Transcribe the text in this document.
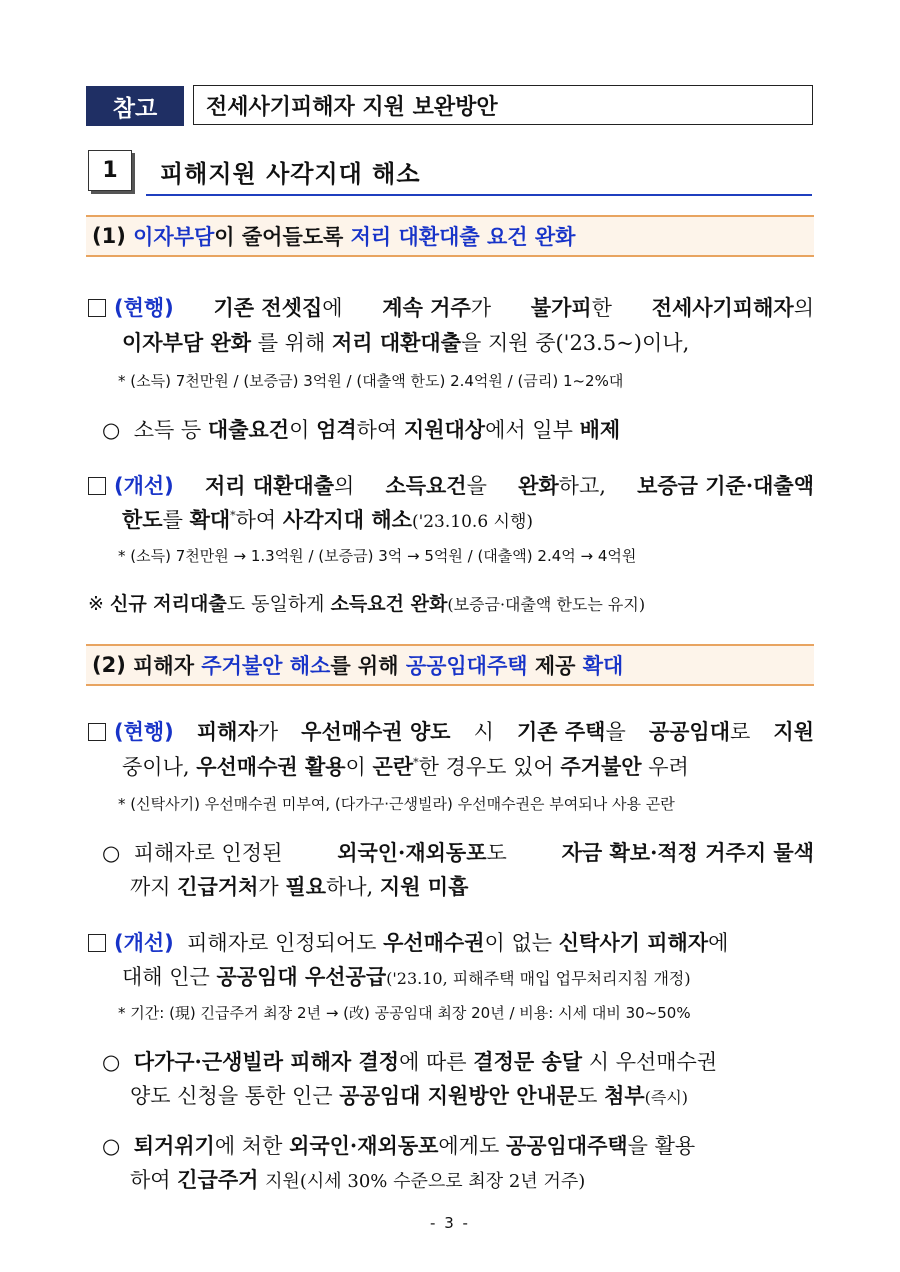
참고	전세사기피해자 지원 보완방안
1	피해지원 사각지대 해소
(1)
이자부담 이 줄어들도록
저리 대환대출 요건 완화
(현행) 기존 전셋집에 계속 거주가 불가피한 전세사기피해자의
이자부담 완화 를 위해 저리 대환대출을 지원 중('23.5~)이나,
* (소득) 7천만원 / (보증금) 3억원 / (대출액 한도) 2.4억원 / (금리) 1~2%대
○  소득 등 대출요건이 엄격하여 지원대상에서 일부 배제
(개선) 저리 대환대출의 소득요건을 완화하고, 보증금 기준·대출액
한도를 확대*하여 사각지대 해소('23.10.6 시행)
* (소득) 7천만원 → 1.3억원 / (보증금) 3억 → 5억원 / (대출액) 2.4억 → 4억원
※ 신규 저리대출도 동일하게 소득요건 완화(보증금·대출액 한도는 유지)
(2)
피해자
주거불안 해소 를 위해
공공임대주택
제공
확대
(현행) 피해자가 우선매수권 양도 시 기존 주택을 공공임대로 지원
중이나, 우선매수권 활용이 곤란*한 경우도 있어 주거불안 우려
* (신탁사기) 우선매수권 미부여, (다가구·근생빌라) 우선매수권은 부여되나 사용 곤란
○  피해자로 인정된	외국인·재외동포도	자금 확보·적정 거주지 물색
까지 긴급거처가 필요하나, 지원 미흡
(개선) 피해자로 인정되어도 우선매수권이 없는 신탁사기 피해자에
대해 인근 공공임대 우선공급('23.10, 피해주택 매입 업무처리지침 개정)
* 기간: (現) 긴급주거 최장 2년 → (改) 공공임대 최장 20년 / 비용: 시세 대비 30~50%
○  다가구·근생빌라 피해자 결정에 따른 결정문 송달 시 우선매수권
양도 신청을 통한 인근 공공임대 지원방안 안내문도 첨부(즉시)
○  퇴거위기에 처한 외국인·재외동포에게도 공공임대주택을 활용
하여 긴급주거 지원(시세 30% 수준으로 최장 2년 거주)
- 3 -
